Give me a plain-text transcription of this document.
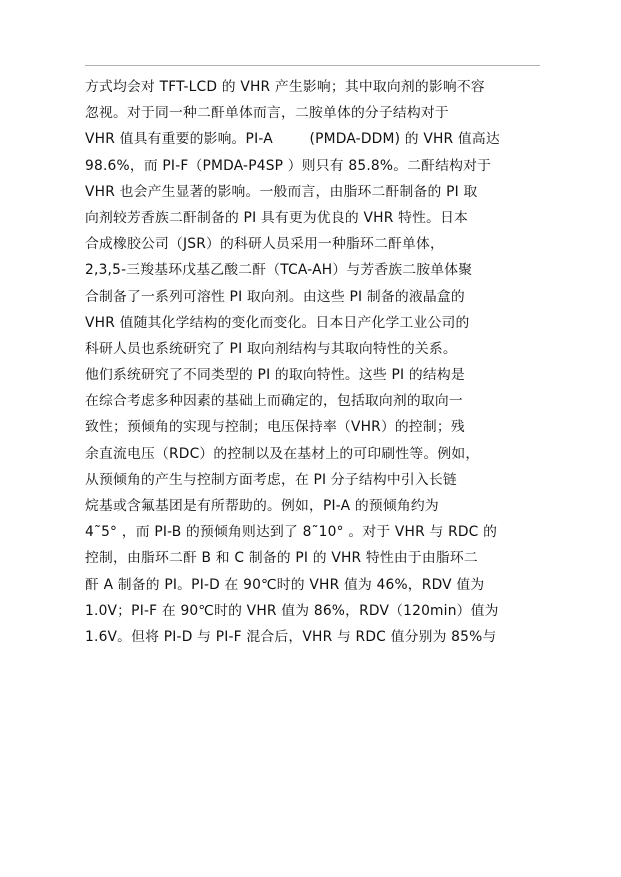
方式均会对 TFT-LCD 的 VHR 产生影响；其中取向剂的影响不容
忽视。对于同一种二酐单体而言，二胺单体的分子结构对于
VHR 值具有重要的影响。PI-A        (PMDA-DDM) 的 VHR 值高达
98.6%，而 PI-F（PMDA-P4SP ）则只有 85.8%。二酐结构对于
VHR 也会产生显著的影响。一般而言，由脂环二酐制备的 PI 取
向剂较芳香族二酐制备的 PI 具有更为优良的 VHR 特性。日本
合成橡胶公司（JSR）的科研人员采用一种脂环二酐单体，
2,3,5-三羧基环戊基乙酸二酐（TCA-AH）与芳香族二胺单体聚
合制备了一系列可溶性 PI 取向剂。由这些 PI 制备的液晶盒的
VHR 值随其化学结构的变化而变化。日本日产化学工业公司的
科研人员也系统研究了 PI 取向剂结构与其取向特性的关系。
他们系统研究了不同类型的 PI 的取向特性。这些 PI 的结构是
在综合考虑多种因素的基础上而确定的，包括取向剂的取向一
致性；预倾角的实现与控制；电压保持率（VHR）的控制；残
余直流电压（RDC）的控制以及在基材上的可印刷性等。例如，
从预倾角的产生与控制方面考虑，在 PI 分子结构中引入长链
烷基或含氟基团是有所帮助的。例如，PI-A 的预倾角约为
4˜5° ，而 PI-B 的预倾角则达到了 8˜10° 。对于 VHR 与 RDC 的
控制，由脂环二酐 B 和 C 制备的 PI 的 VHR 特性由于由脂环二
酐 A 制备的 PI。PI-D 在 90℃时的 VHR 值为 46%，RDV 值为
1.0V；PI-F 在 90℃时的 VHR 值为 86%，RDV（120min）值为
1.6V。但将 PI-D 与 PI-F 混合后，VHR 与 RDC 值分别为 85%与
